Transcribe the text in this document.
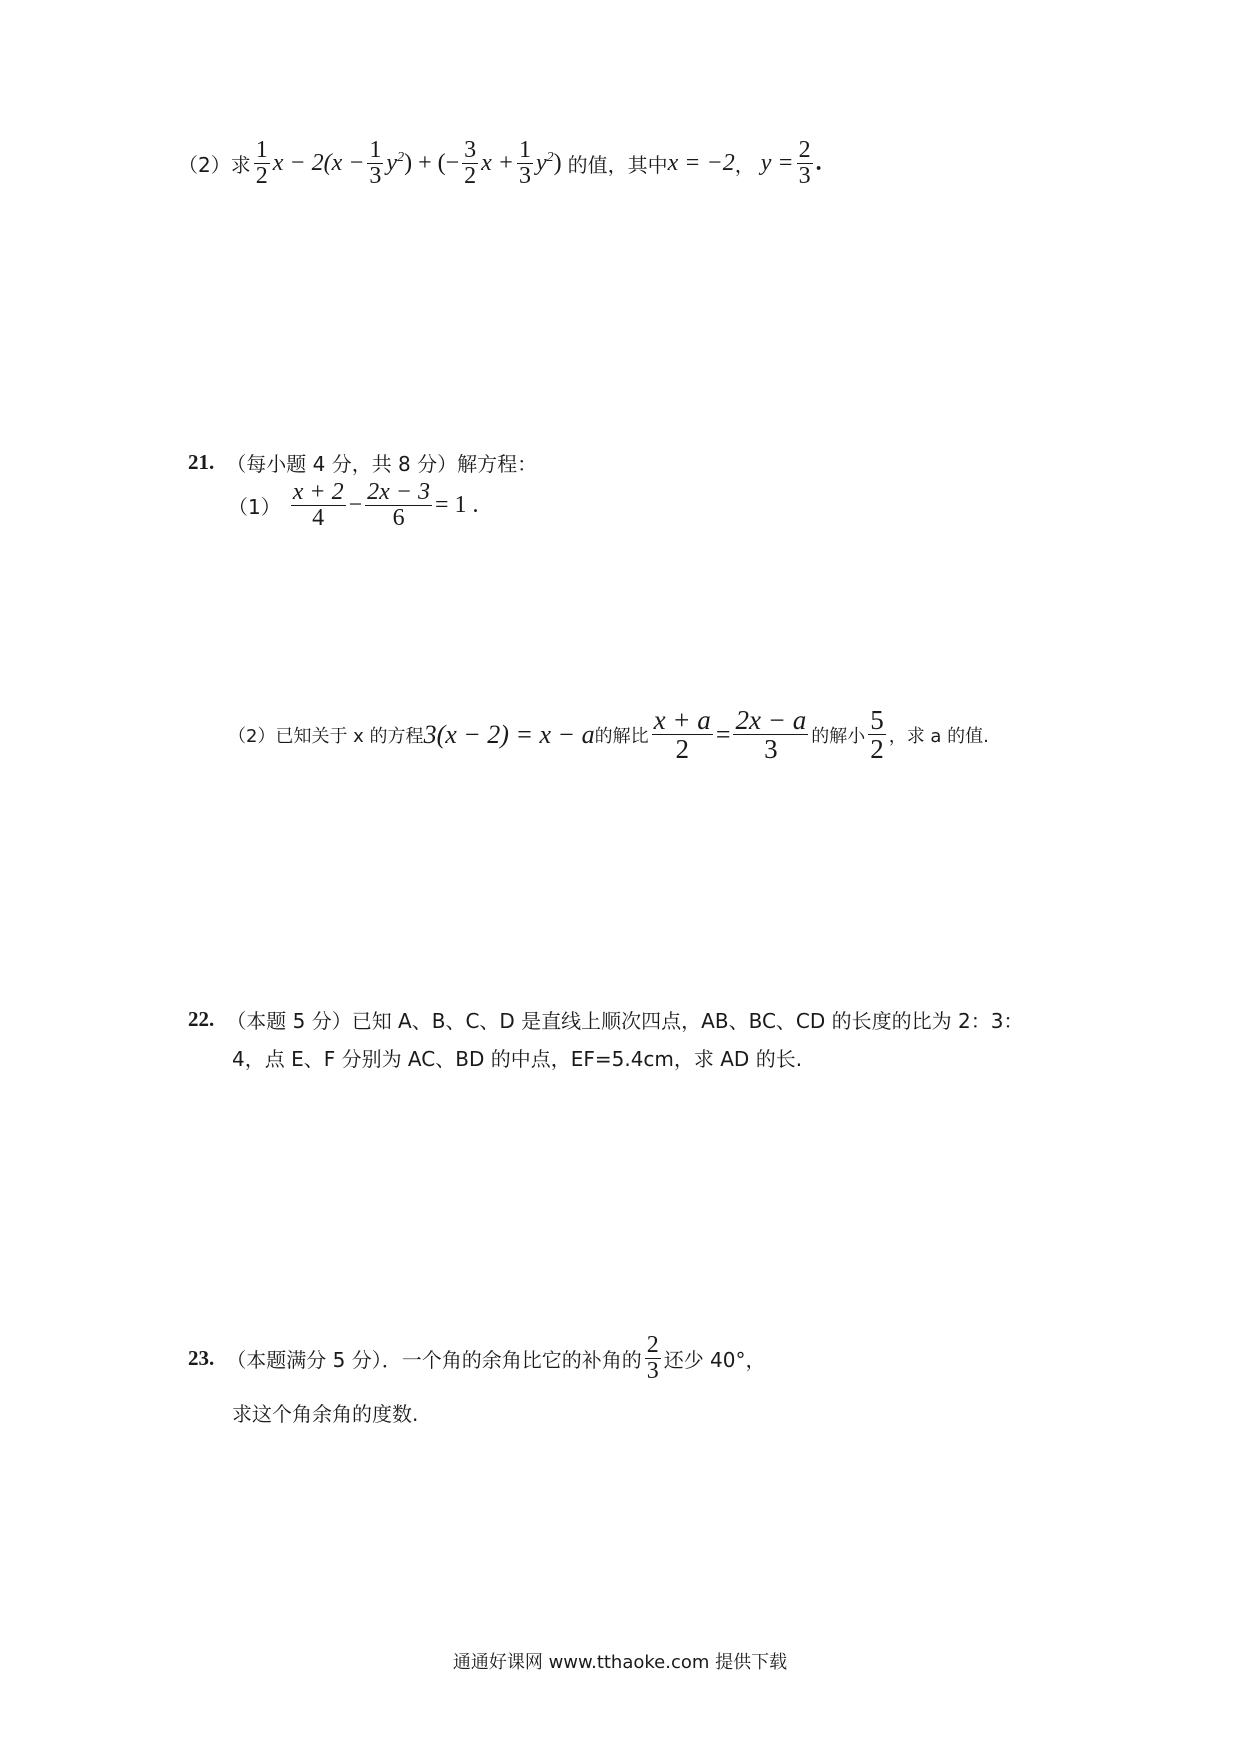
（2）求 $\frac{1}{2}$ $x - 2(x - \frac{1}{3} y^2$ ) + (− $\frac{3}{2}$ $x + \frac{1}{3} y^2$ ) 的值，其中 x = −2 ， $y = \frac{2}{3}$ .
21. （每小题 4 分，共 8 分）解方程：
$(1) \frac{x + 2}{4} - \frac{2x - 3}{6} = 1$ .
（2）已知关于 x 的方程 3(x − 2) = x − a 的解比 $\frac{x + a}{2} = \frac{2x - a}{3}$ 的解小 $\frac{5}{2}$ ，求 a 的值.
22. （本题 5 分）已知 A、B、C、D 是直线上顺次四点，AB、BC、CD 的长度的比为 2：3：
4，点 E、F 分别为 AC、BD 的中点，EF=5.4cm，求 AD 的长.
23. （本题满分 5 分）．一个角的余角比它的补角的 $\frac{2}{3}$ 还少 40°，
求这个角余角的度数.
通通好课网 www.tthaoke.com 提供下载
